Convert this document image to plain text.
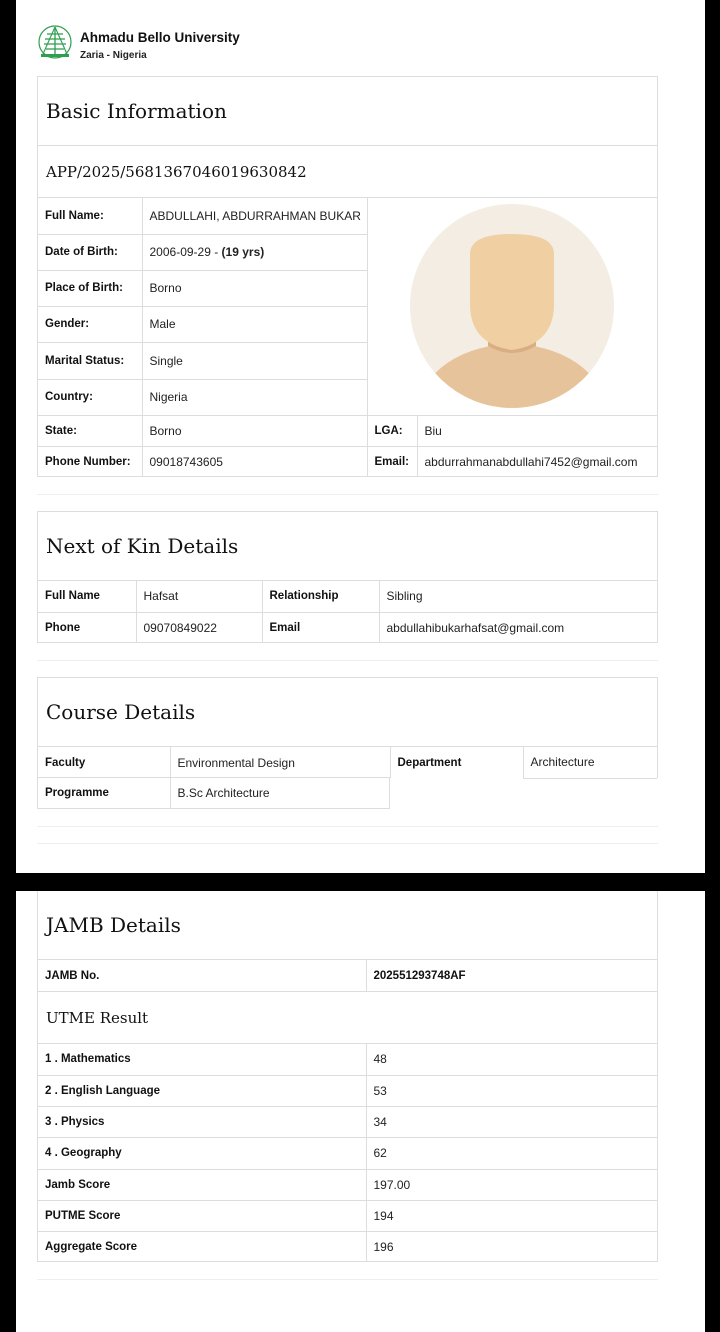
Ahmadu Bello University
Zaria - Nigeria
Basic Information
APP/2025/5681367046019630842
Full Name:	ABDULLAHI, ABDURRAHMAN BUKAR	

Date of Birth:	2006-09-29 - (19 yrs)		
Place of Birth:	Borno		
Gender:	Male		
Marital Status:	Single		
Country:	Nigeria		
State:	Borno	LGA:	Biu
Phone Number:	09018743605	Email:	abdurrahmanabdullahi7452@gmail.com
Next of Kin Details
Full Name	Hafsat	Relationship	Sibling
Phone	09070849022	Email	abdullahibukarhafsat@gmail.com
Course Details
Faculty	Environmental Design	Department	Architecture
Programme	B.Sc Architecture
JAMB Details
JAMB No.	202551293748AF
UTME Result
1 . Mathematics	48
2 . English Language	53
3 . Physics	34
4 . Geography	62
Jamb Score	197.00
PUTME Score	194
Aggregate Score	196
